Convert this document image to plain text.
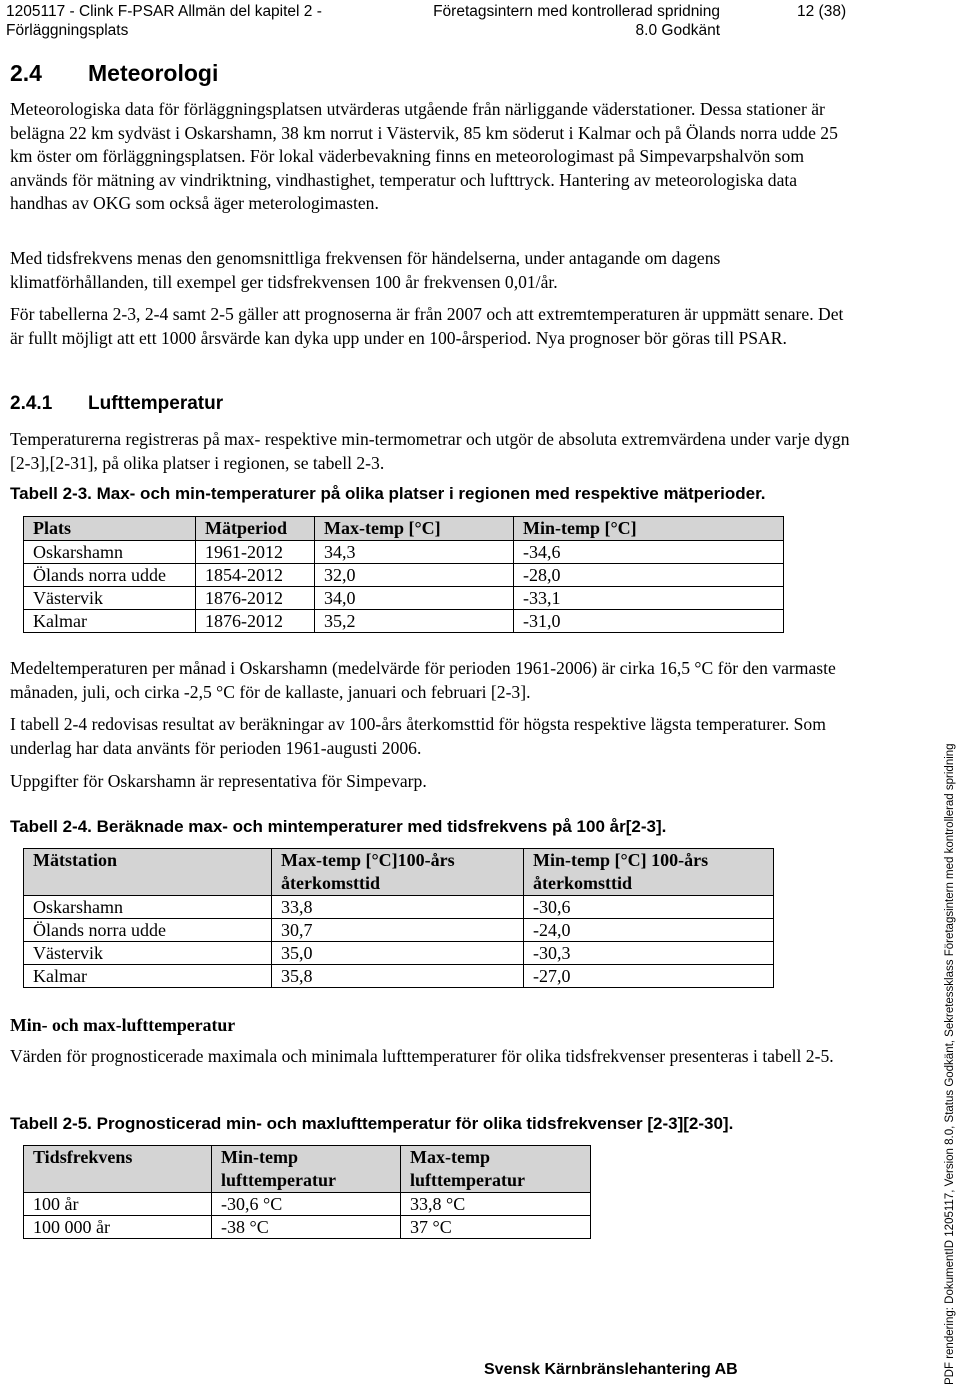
1205117 - Clink F-PSAR Allmän del kapitel 2 -
Förläggningsplats
Företagsintern med kontrollerad spridning
8.0 Godkänt
12 (38)
2.4 Meteorologi

Meteorologiska data för förläggningsplatsen utvärderas utgående från närliggande väderstationer. Dessa stationer är belägna 22 km sydväst i Oskarshamn, 38 km norrut i Västervik, 85 km söderut i Kalmar och på Ölands norra udde 25 km öster om förläggningsplatsen. För lokal väderbevakning finns en meteorologimast på Simpevarpshalvön som används för mätning av vindriktning, vindhastighet, temperatur och lufttryck. Hantering av meteorologiska data handhas av OKG som också äger meterologimasten.

Med tidsfrekvens menas den genomsnittliga frekvensen för händelserna, under antagande om dagens klimatförhållanden, till exempel ger tidsfrekvensen 100 år frekvensen 0,01/år.

För tabellerna 2-3, 2-4 samt 2-5 gäller att prognoserna är från 2007 och att extremtemperaturen är uppmätt senare. Det är fullt möjligt att ett 1000 årsvärde kan dyka upp under en 100-årsperiod. Nya prognoser bör göras till PSAR.

2.4.1 Lufttemperatur

Temperaturerna registreras på max- respektive min-termometrar och utgör de absoluta extremvärdena under varje dygn [2-3],[2-31], på olika platser i regionen, se tabell 2-3.

Tabell 2-3. Max- och min-temperaturer på olika platser i regionen med respektive mätperioder.
Plats	Mätperiod	Max-temp [°C]	Min-temp [°C]
Oskarshamn	1961-2012	34,3	-34,6
Ölands norra udde	1854-2012	32,0	-28,0
Västervik	1876-2012	34,0	-33,1
Kalmar	1876-2012	35,2	-31,0

Medeltemperaturen per månad i Oskarshamn (medelvärde för perioden 1961-2006) är cirka 16,5 °C för den varmaste månaden, juli, och cirka -2,5 °C för de kallaste, januari och februari [2-3].

I tabell 2-4 redovisas resultat av beräkningar av 100-års återkomsttid för högsta respektive lägsta temperaturer. Som underlag har data använts för perioden 1961-augusti 2006.

Uppgifter för Oskarshamn är representativa för Simpevarp.

Tabell 2-4. Beräknade max- och mintemperaturer med tidsfrekvens på 100 år[2-3].
Mätstation	Max-temp [°C]100-års återkomsttid	Min-temp [°C] 100-års återkomsttid
Oskarshamn	33,8	-30,6
Ölands norra udde	30,7	-24,0
Västervik	35,0	-30,3
Kalmar	35,8	-27,0
Min- och max-lufttemperatur

Värden för prognosticerade maximala och minimala lufttemperaturer för olika tidsfrekvenser presenteras i tabell 2-5.

Tabell 2-5. Prognosticerad min- och maxlufttemperatur för olika tidsfrekvenser [2-3][2-30].
Tidsfrekvens	Min-temp lufttemperatur	Max-temp lufttemperatur
100 år	-30,6 °C	33,8 °C
100 000 år	-38 °C	37 °C
Svensk Kärnbränslehantering AB	PDF rendering: DokumentID 1205117, Version 8.0, Status Godkänt, Sekretessklass Företagsintern med kontrollerad spridning
